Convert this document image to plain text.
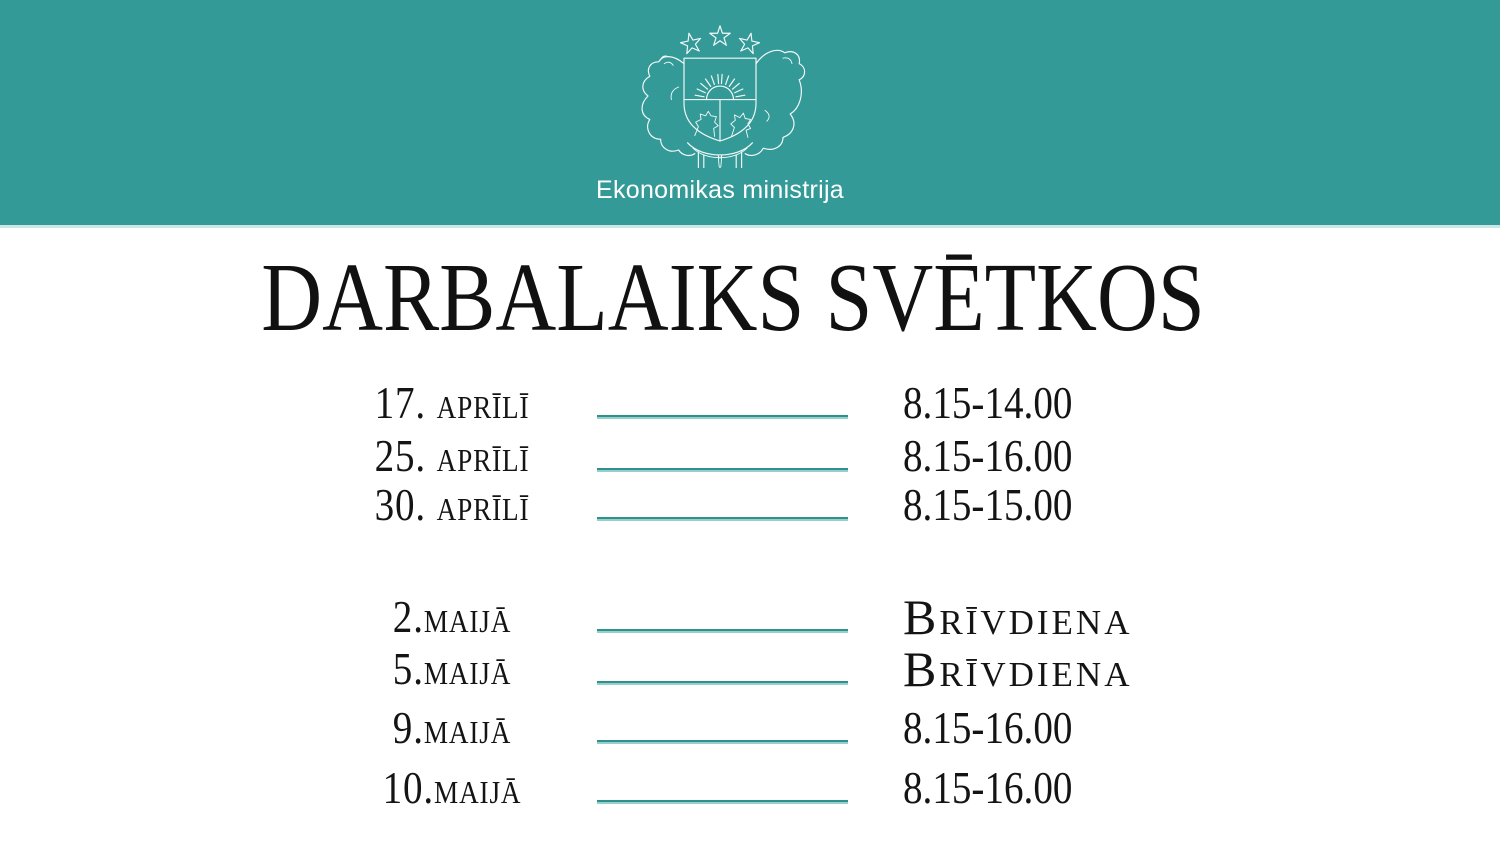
Ekonomikas ministrija
DARBALAIKS SVĒTKOS
17. aprīlī	8.15-14.00
25. aprīlī	8.15-16.00
30. aprīlī	8.15-15.00
2.maijā	Brīvdiena
5.maijā	Brīvdiena
9.maijā	8.15-16.00
10.maijā	8.15-16.00
